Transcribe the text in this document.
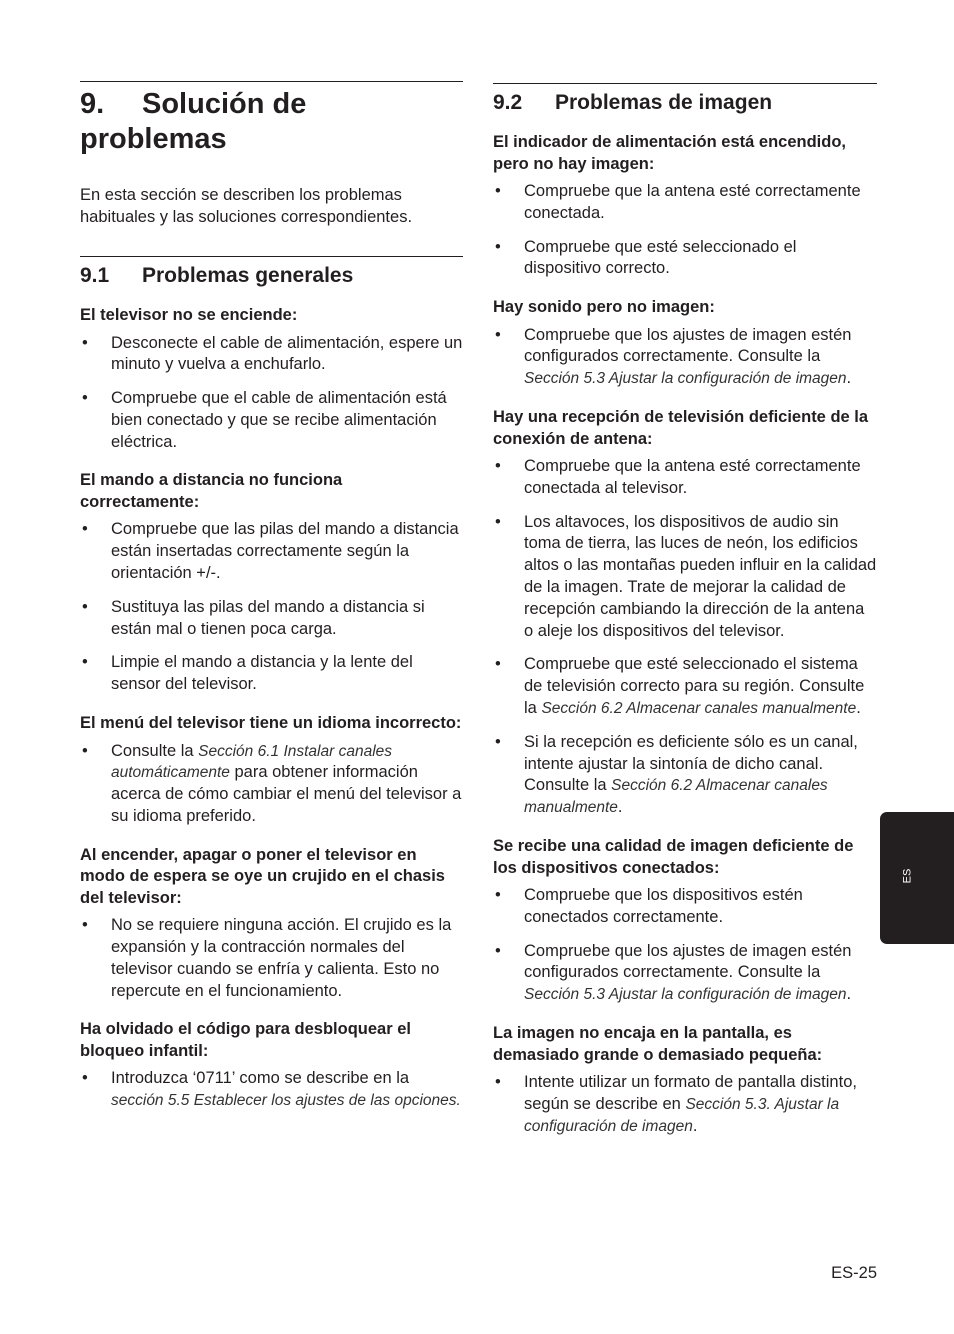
9. Solución de
problemas

En esta sección se describen los problemas habituales y las soluciones correspondientes.

9.1 Problemas generales

El televisor no se enciende:

• Desconecte el cable de alimentación, espere un minuto y vuelva a enchufarlo.
• Compruebe que el cable de alimentación está bien conectado y que se recibe alimentación eléctrica.

El mando a distancia no funciona correctamente:

• Compruebe que las pilas del mando a distancia están insertadas correctamente según la orientación +/-.
• Sustituya las pilas del mando a distancia si están mal o tienen poca carga.
• Limpie el mando a distancia y la lente del sensor del televisor.

El menú del televisor tiene un idioma incorrecto:

• Consulte la Sección 6.1 Instalar canales automáticamente para obtener información acerca de cómo cambiar el menú del televisor a su idioma preferido.

Al encender, apagar o poner el televisor en modo de espera se oye un crujido en el chasis del televisor:

• No se requiere ninguna acción. El crujido es la expansión y la contracción normales del televisor cuando se enfría y calienta. Esto no repercute en el funcionamiento.

Ha olvidado el código para desbloquear el bloqueo infantil:

• Introduzca ‘0711’ como se describe en la sección 5.5 Establecer los ajustes de las opciones.
9.2 Problemas de imagen

El indicador de alimentación está encendido, pero no hay imagen:

• Compruebe que la antena esté correctamente conectada.
• Compruebe que esté seleccionado el dispositivo correcto.

Hay sonido pero no imagen:

• Compruebe que los ajustes de imagen estén configurados correctamente. Consulte la Sección 5.3 Ajustar la configuración de imagen.

Hay una recepción de televisión deficiente de la conexión de antena:

• Compruebe que la antena esté correctamente conectada al televisor.
• Los altavoces, los dispositivos de audio sin toma de tierra, las luces de neón, los edificios altos o las montañas pueden influir en la calidad de la imagen. Trate de mejorar la calidad de recepción cambiando la dirección de la antena o aleje los dispositivos del televisor.
• Compruebe que esté seleccionado el sistema de televisión correcto para su región. Consulte la Sección 6.2 Almacenar canales manualmente.
• Si la recepción es deficiente sólo es un canal, intente ajustar la sintonía de dicho canal. Consulte la Sección 6.2 Almacenar canales manualmente.

Se recibe una calidad de imagen deficiente de los dispositivos conectados:

• Compruebe que los dispositivos estén conectados correctamente.
• Compruebe que los ajustes de imagen estén configurados correctamente. Consulte la Sección 5.3 Ajustar la configuración de imagen.

La imagen no encaja en la pantalla, es demasiado grande o demasiado pequeña:

• Intente utilizar un formato de pantalla distinto, según se describe en Sección 5.3. Ajustar la configuración de imagen.
ES
ES-25
